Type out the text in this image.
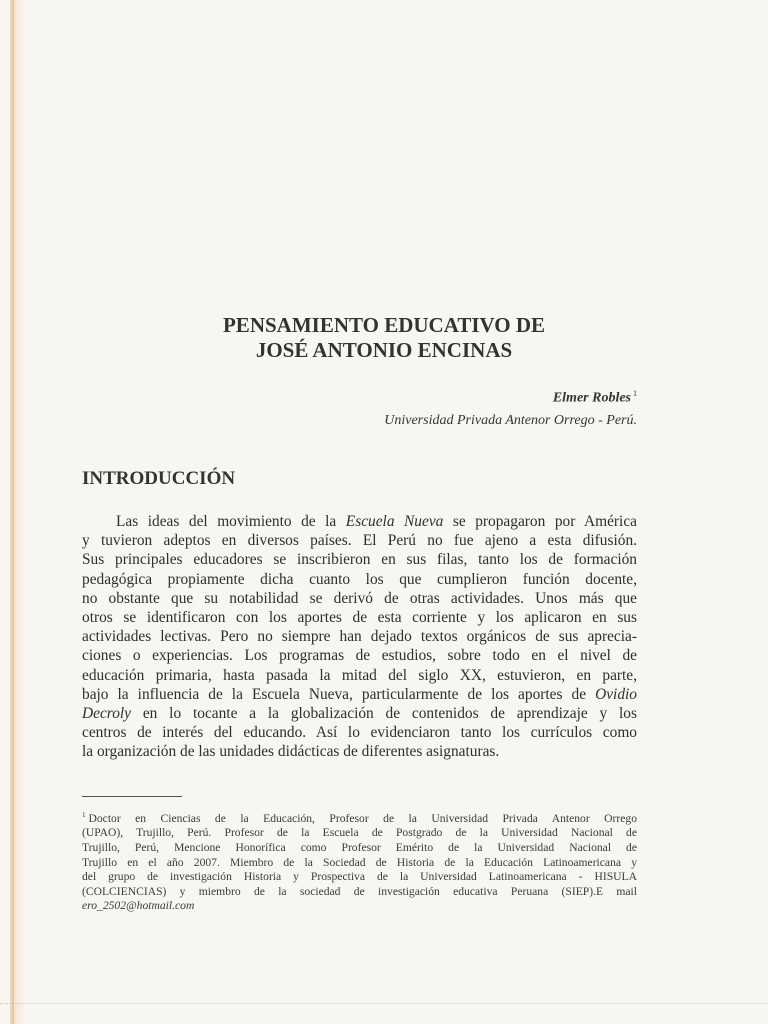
PENSAMIENTO EDUCATIVO DE
JOSÉ ANTONIO ENCINAS
Elmer Robles $^1$
Universidad Privada Antenor Orrego - Perú.
INTRODUCCIÓN
Las ideas del movimiento de la Escuela Nueva se propagaron por América
y tuvieron adeptos en diversos países. El Perú no fue ajeno a esta difusión.
Sus principales educadores se inscribieron en sus filas, tanto los de formación
pedagógica propiamente dicha cuanto los que cumplieron función docente,
no obstante que su notabilidad se derivó de otras actividades. Unos más que
otros se identificaron con los aportes de esta corriente y los aplicaron en sus
actividades lectivas. Pero no siempre han dejado textos orgánicos de sus aprecia-
ciones o experiencias. Los programas de estudios, sobre todo en el nivel de
educación primaria, hasta pasada la mitad del siglo XX, estuvieron, en parte,
bajo la influencia de la Escuela Nueva, particularmente de los aportes de Ovidio
Decroly en lo tocante a la globalización de contenidos de aprendizaje y los
centros de interés del educando. Así lo evidenciaron tanto los currículos como
la organización de las unidades didácticas de diferentes asignaturas.
$^1$ Doctor en Ciencias de la Educación, Profesor de la Universidad Privada Antenor Orrego
(UPAO), Trujillo, Perú. Profesor de la Escuela de Postgrado de la Universidad Nacional de
Trujillo, Perú, Mencione Honorífica como Profesor Emérito de la Universidad Nacional de
Trujillo en el año 2007. Miembro de la Sociedad de Historia de la Educación Latinoamericana y
del grupo de investigación Historia y Prospectiva de la Universidad Latinoamericana - HISULA
(COLCIENCIAS) y miembro de la sociedad de investigación educativa Peruana (SIEP).E mail
ero_2502@hotmail.com
